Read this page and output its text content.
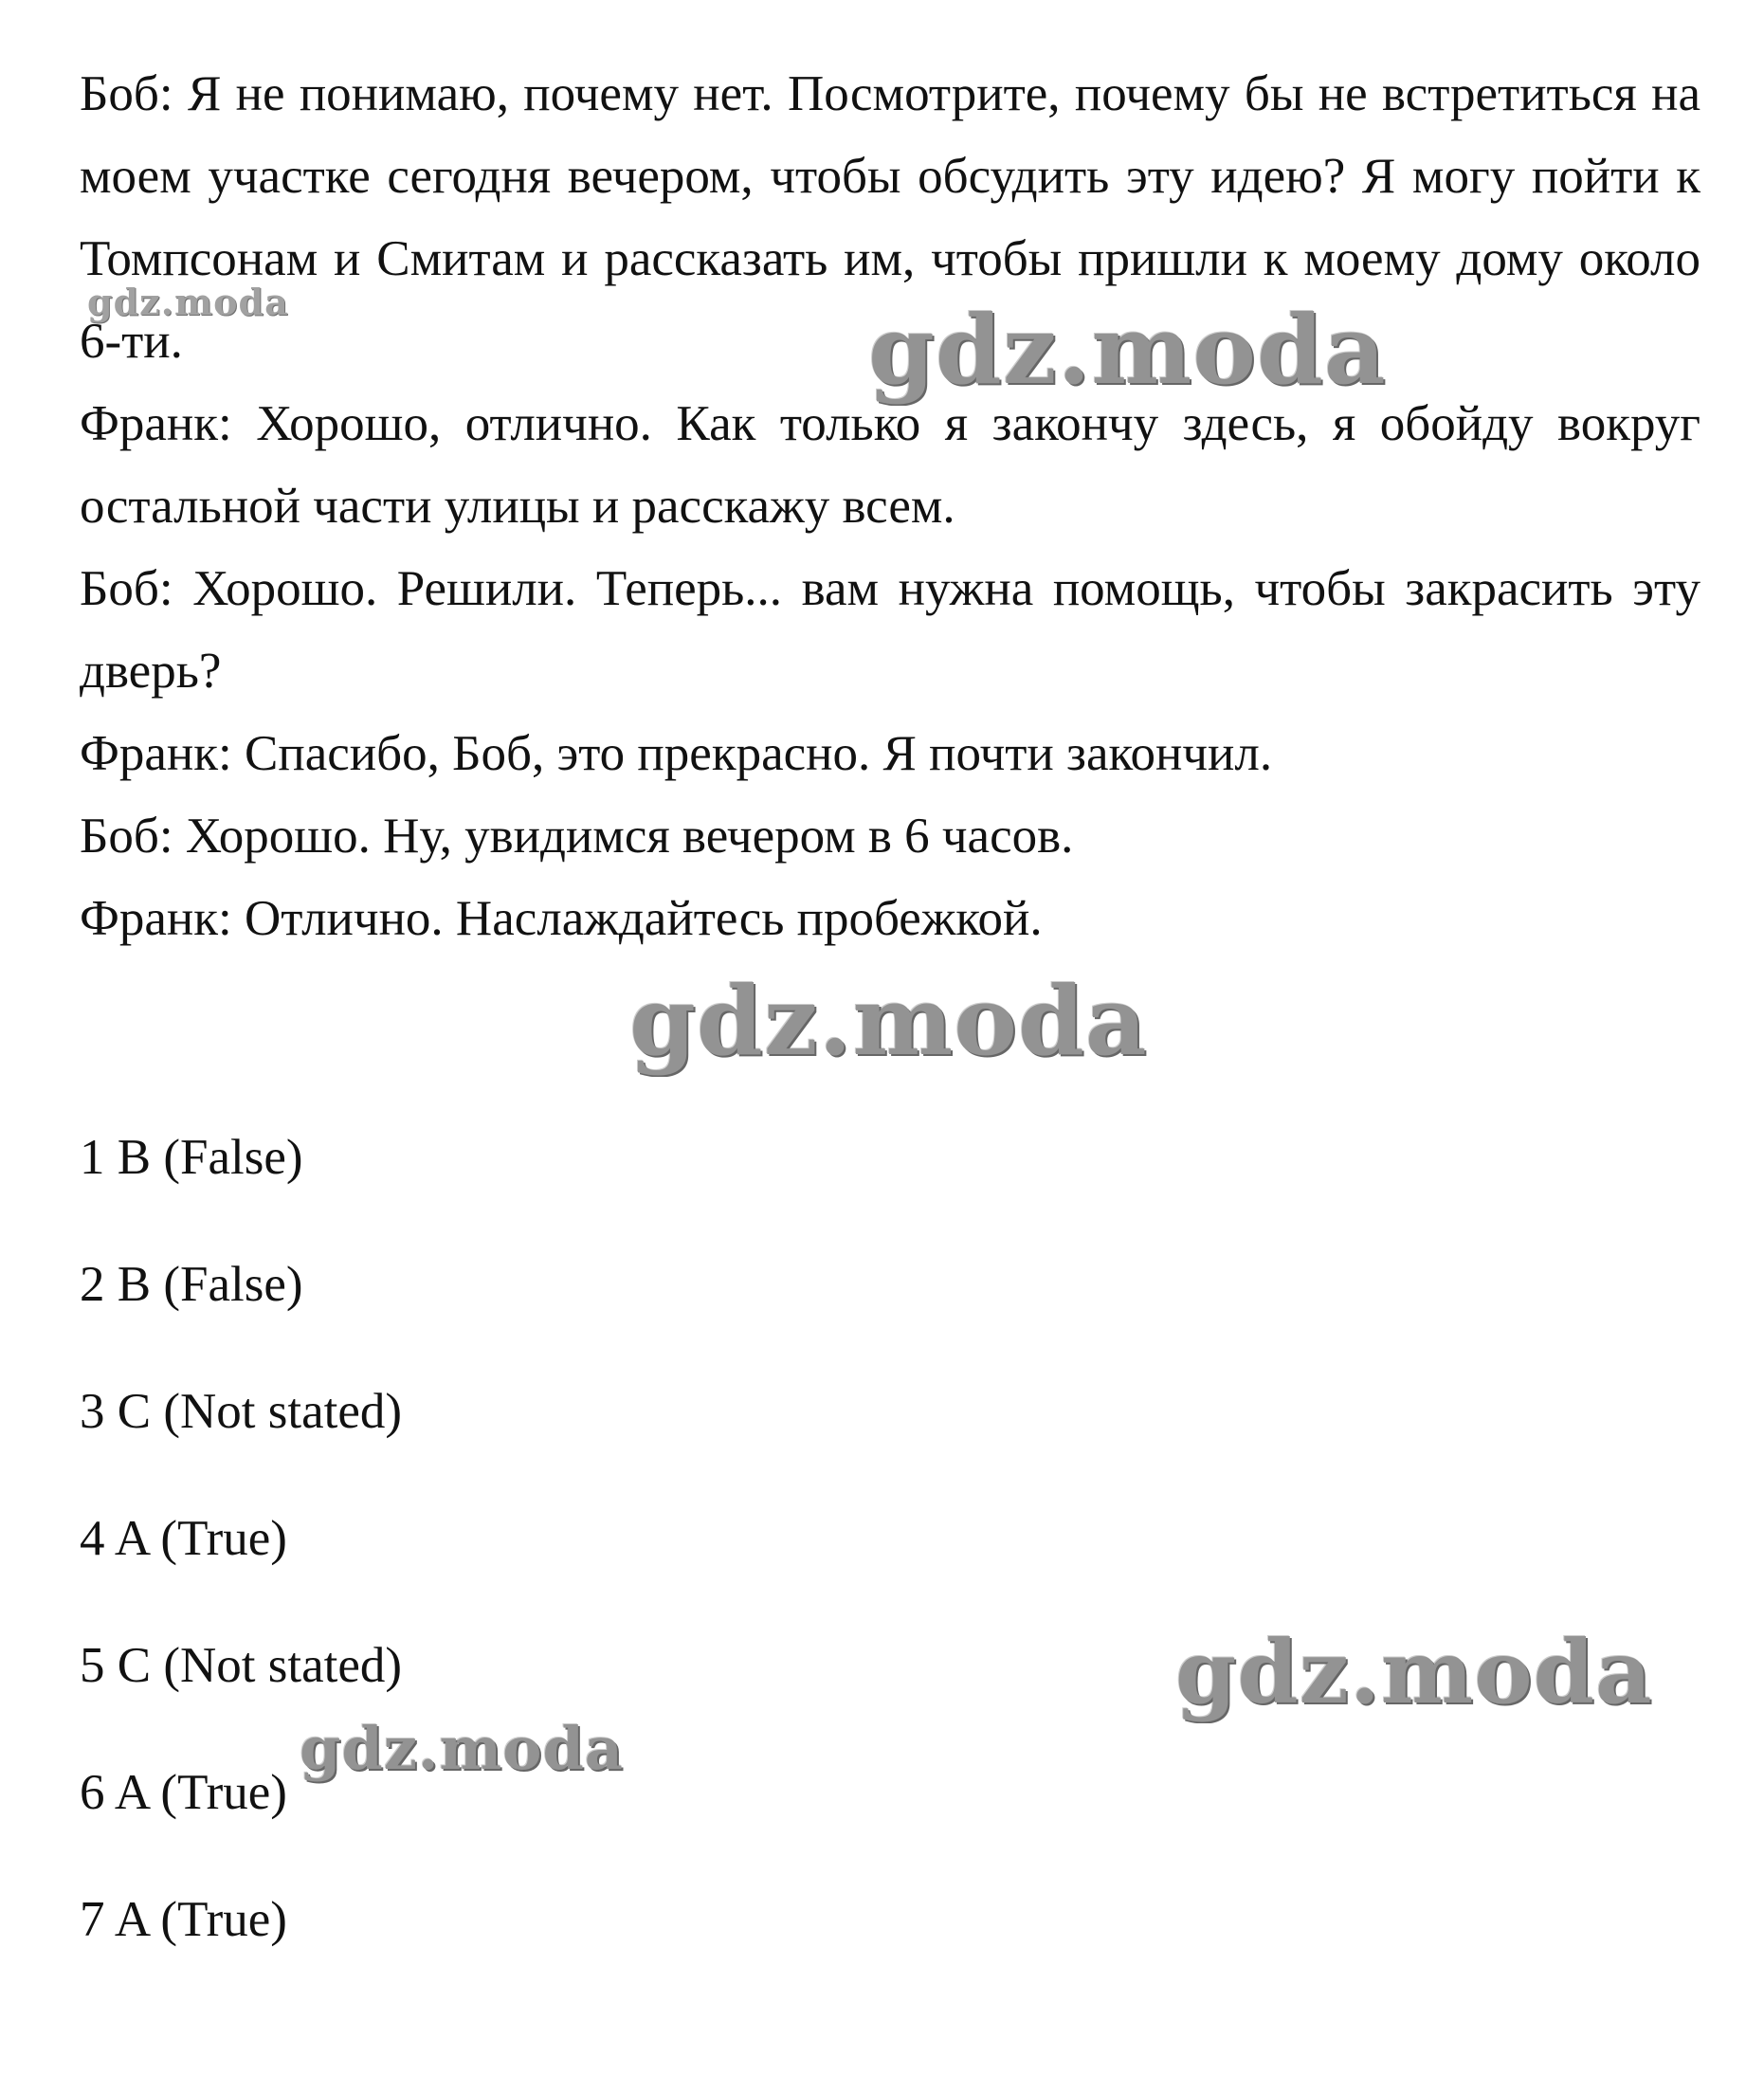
Боб: Я не понимаю, почему нет. Посмотрите, почему бы не встретиться на моем участке сегодня вечером, чтобы обсудить эту идею? Я могу пойти к Томпсонам и Смитам и рассказать им, чтобы пришли к моему дому около 6-ти.

Франк: Хорошо, отлично. Как только я закончу здесь, я обойду вокруг остальной части улицы и расскажу всем.

Боб: Хорошо. Решили. Теперь... вам нужна помощь, чтобы закрасить эту дверь?

Франк: Спасибо, Боб, это прекрасно. Я почти закончил.

Боб: Хорошо. Ну, увидимся вечером в 6 часов.

Франк: Отлично. Наслаждайтесь пробежкой.

1 B (False)
2 B (False)
3 C (Not stated)
4 A (True)
5 C (Not stated)
6 A (True)
7 A (True)
gdz.moda	gdz.moda
gdz.moda
gdz.moda
gdz.moda
